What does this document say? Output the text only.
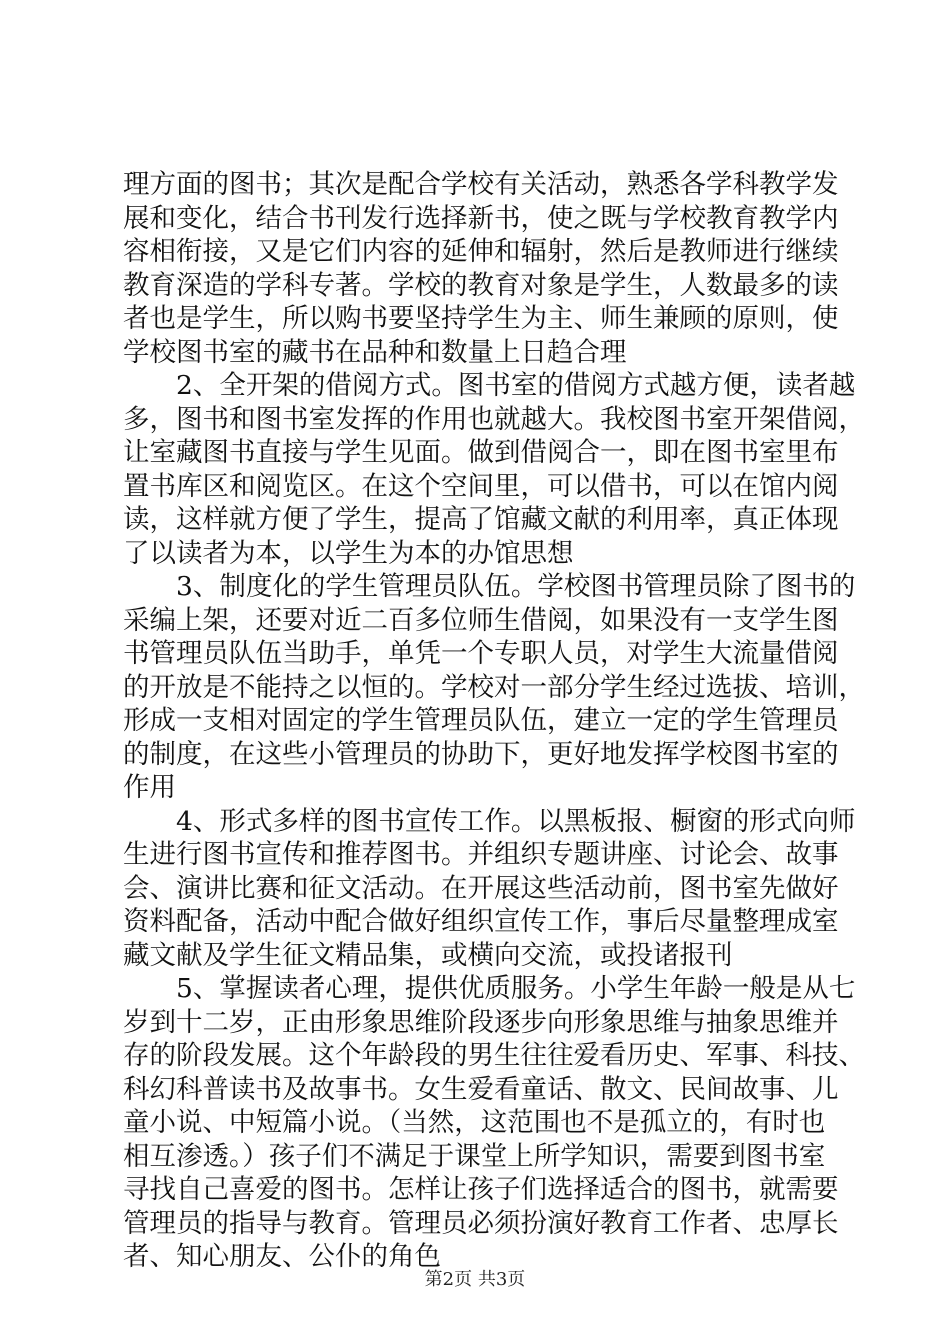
理方面的图书；其次是配合学校有关活动，熟悉各学科教学发
展和变化，结合书刊发行选择新书，使之既与学校教育教学内
容相衔接，又是它们内容的延伸和辐射，然后是教师进行继续
教育深造的学科专著。学校的教育对象是学生，人数最多的读
者也是学生，所以购书要坚持学生为主、师生兼顾的原则，使
学校图书室的藏书在品种和数量上日趋合理
　　2、全开架的借阅方式。图书室的借阅方式越方便，读者越
多，图书和图书室发挥的作用也就越大。我校图书室开架借阅，
让室藏图书直接与学生见面。做到借阅合一，即在图书室里布
置书库区和阅览区。在这个空间里，可以借书，可以在馆内阅
读，这样就方便了学生，提高了馆藏文献的利用率，真正体现
了以读者为本，以学生为本的办馆思想
　　3、制度化的学生管理员队伍。学校图书管理员除了图书的
采编上架，还要对近二百多位师生借阅，如果没有一支学生图
书管理员队伍当助手，单凭一个专职人员，对学生大流量借阅
的开放是不能持之以恒的。学校对一部分学生经过选拔、培训，
形成一支相对固定的学生管理员队伍，建立一定的学生管理员
的制度，在这些小管理员的协助下，更好地发挥学校图书室的
作用
　　4、形式多样的图书宣传工作。以黑板报、橱窗的形式向师
生进行图书宣传和推荐图书。并组织专题讲座、讨论会、故事
会、演讲比赛和征文活动。在开展这些活动前，图书室先做好
资料配备，活动中配合做好组织宣传工作，事后尽量整理成室
藏文献及学生征文精品集，或横向交流，或投诸报刊
　　5、掌握读者心理，提供优质服务。小学生年龄一般是从七
岁到十二岁，正由形象思维阶段逐步向形象思维与抽象思维并
存的阶段发展。这个年龄段的男生往往爱看历史、军事、科技、
科幻科普读书及故事书。女生爱看童话、散文、民间故事、儿
童小说、中短篇小说。（当然，这范围也不是孤立的，有时也
相互渗透。）孩子们不满足于课堂上所学知识，需要到图书室
寻找自己喜爱的图书。怎样让孩子们选择适合的图书，就需要
管理员的指导与教育。管理员必须扮演好教育工作者、忠厚长
者、知心朋友、公仆的角色
第2页 共3页
